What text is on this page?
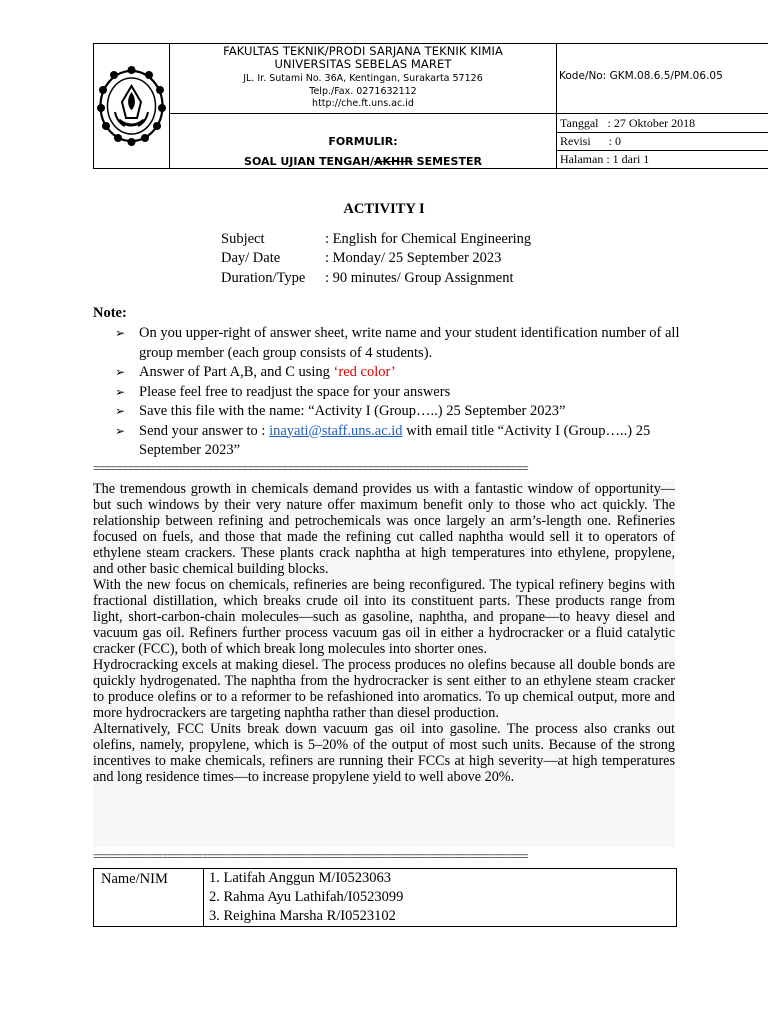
FAKULTAS TEKNIK/PRODI SARJANA TEKNIK KIMIA
UNIVERSITAS SEBELAS MARET
JL. Ir. Sutami No. 36A, Kentingan, Surakarta 57126
Telp./Fax. 0271632112
http://che.ft.uns.ac.id
FORMULIR:
SOAL UJIAN TENGAH/AKHIR SEMESTER
Kode/No: GKM.08.6.5/PM.06.05
Tanggal   : 27 Oktober 2018
Revisi      : 0
Halaman : 1 dari 1
ACTIVITY I
Subject	: English for Chemical Engineering
Day/ Date	: Monday/ 25 September 2023
Duration/Type : 90 minutes/ Group Assignment
Note:
➢ On you upper-right of answer sheet, write name and your student identification number of all group member (each group consists of 4 students).
➢ Answer of Part A,B, and C using ‘red color’
➢ Please feel free to readjust the space for your answers
➢ Save this file with the name: “Activity I (Group…..) 25 September 2023”
➢ Send your answer to : inayati@staff.uns.ac.id with email title “Activity I (Group…..) 25 September 2023”
============================================================================

The tremendous growth in chemicals demand provides us with a fantastic window of opportunity—but such windows by their very nature offer maximum benefit only to those who act quickly. The relationship between refining and petrochemicals was once largely an arm’s-length one. Refineries focused on fuels, and those that made the refining cut called naphtha would sell it to operators of ethylene steam crackers. These plants crack naphtha at high temperatures into ethylene, propylene, and other basic chemical building blocks.

With the new focus on chemicals, refineries are being reconfigured. The typical refinery begins with fractional distillation, which breaks crude oil into its constituent parts. These products range from light, short-carbon-chain molecules—such as gasoline, naphtha, and propane—to heavy diesel and vacuum gas oil. Refiners further process vacuum gas oil in either a hydrocracker or a fluid catalytic cracker (FCC), both of which break long molecules into shorter ones.

Hydrocracking excels at making diesel. The process produces no olefins because all double bonds are quickly hydrogenated. The naphtha from the hydrocracker is sent either to an ethylene steam cracker to produce olefins or to a reformer to be refashioned into aromatics. To up chemical output, more and more hydrocrackers are targeting naphtha rather than diesel production.

Alternatively, FCC Units break down vacuum gas oil into gasoline. The process also cranks out olefins, namely, propylene, which is 5–20% of the output of most such units. Because of the strong incentives to make chemicals, refiners are running their FCCs at high severity—at high temperatures and long residence times—to increase propylene yield to well above 20%.

============================================================================
Name/NIM	1. Latifah Anggun M/I0523063
2. Rahma Ayu Lathifah/I0523099
3. Reighina Marsha R/I0523102
